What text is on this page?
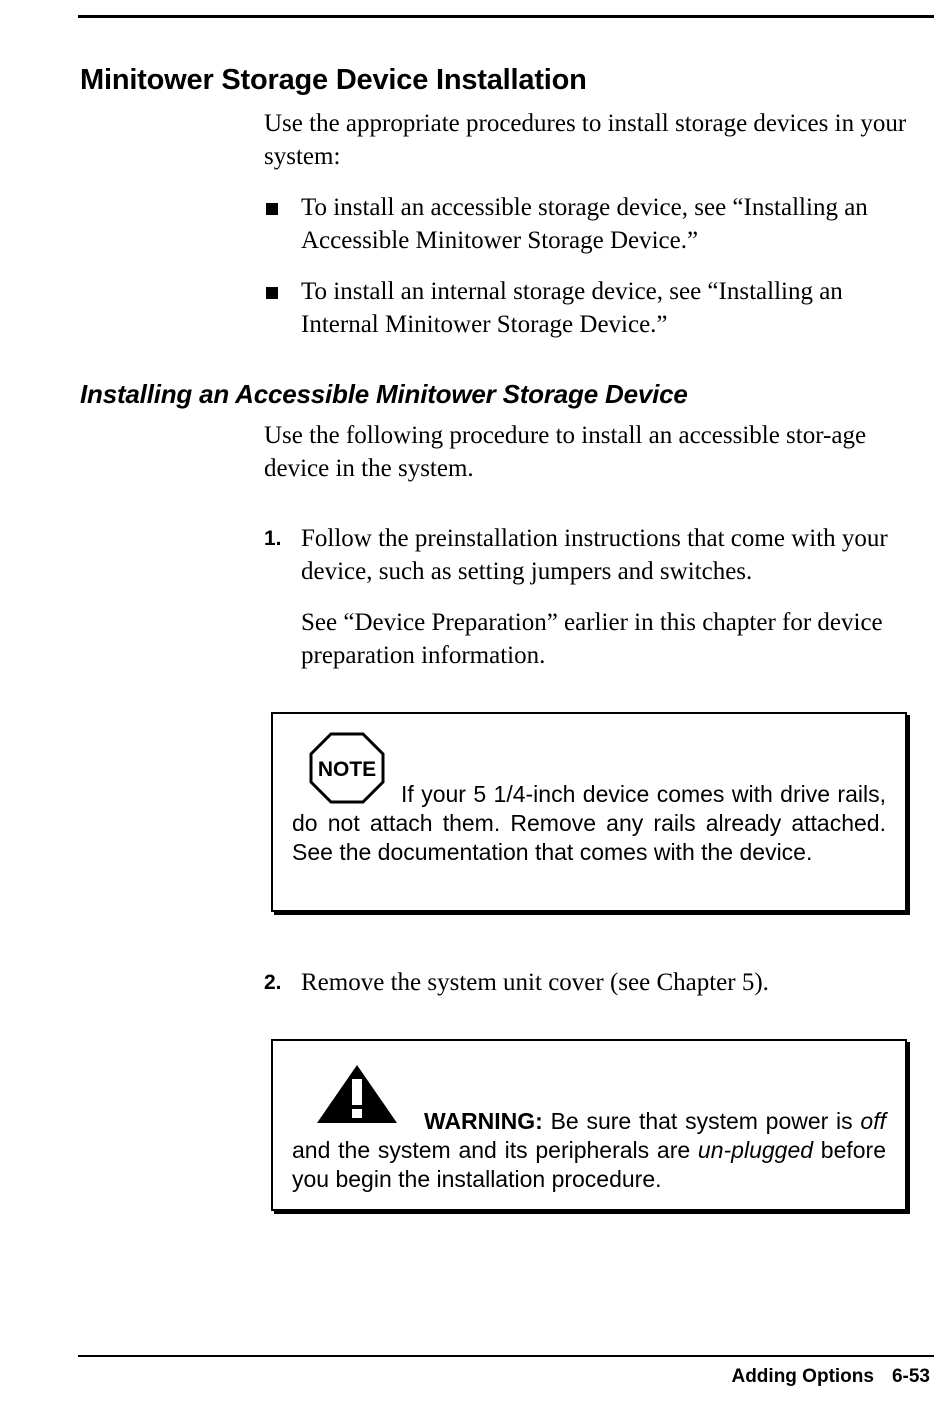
Minitower Storage Device Installation
Use the appropriate procedures to install storage devices in your system:
To install an accessible storage device, see “Installing an Accessible Minitower Storage Device.”
To install an internal storage device, see “Installing an Internal Minitower Storage Device.”
Installing an Accessible Minitower Storage Device
Use the following procedure to install an accessible stor-age device in the system.
1. Follow the preinstallation instructions that come with your device, such as setting jumpers and switches.
See “Device Preparation” earlier in this chapter for device preparation information.
NOTE
If your 5 1/4-inch device comes with drive rails, do not attach them. Remove any rails already attached. See the documentation that comes with the device.
2. Remove the system unit cover (see Chapter 5).
WARNING: Be sure that system power is off and the system and its peripherals are un-plugged before you begin the installation procedure.
Adding Options 6-53
